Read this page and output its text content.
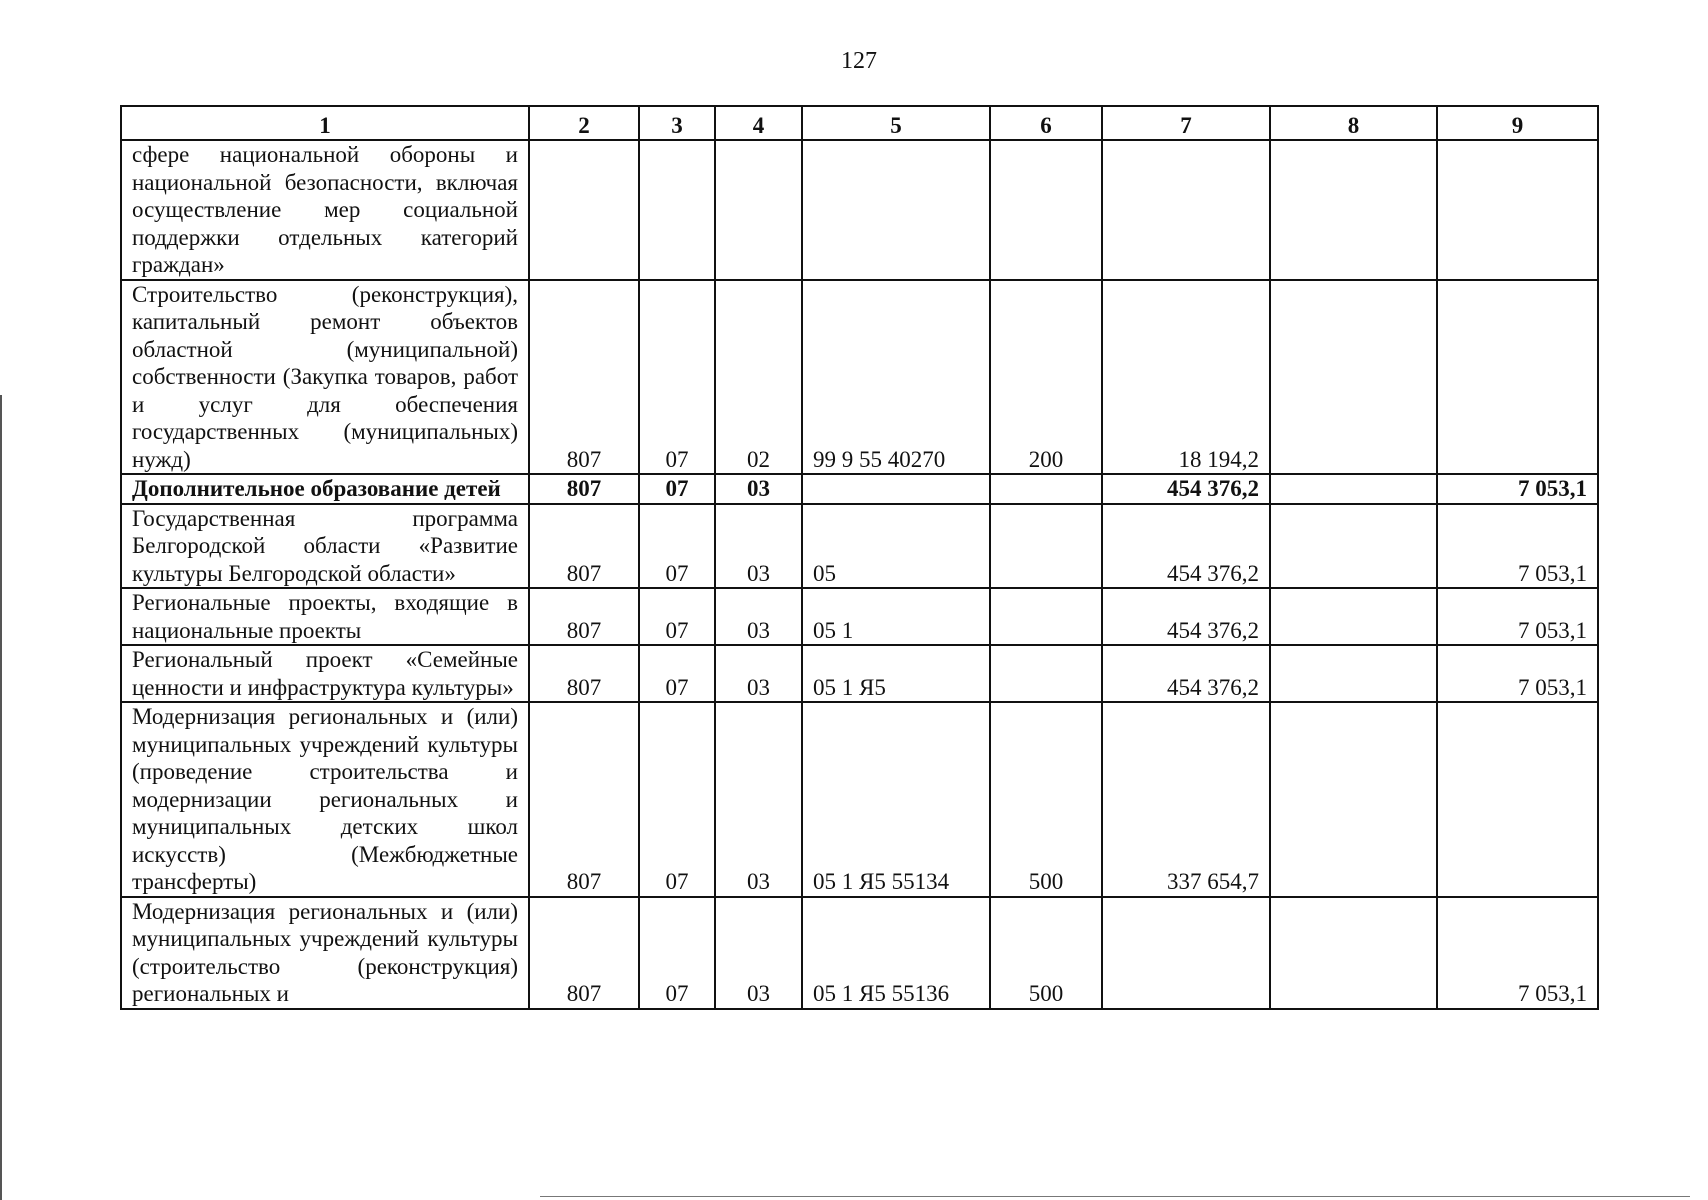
127
1	2	3	4	5	6	7	8	9
сфере национальной обороны и национальной безопасности, включая осуществление мер социальной поддержки отдельных категорий граждан»								
Строительство (реконструкция), капитальный ремонт объектов областной (муниципальной) собственности (Закупка товаров, работ и услуг для обеспечения государственных (муниципальных) нужд)	807	07	02	99 9 55 40270	200	18 194,2		
Дополнительное образование детей	807	07	03			454 376,2		7 053,1
Государственная программа Белгородской области «Развитие культуры Белгородской области»	807	07	03	05		454 376,2		7 053,1
Региональные проекты, входящие в национальные проекты	807	07	03	05 1		454 376,2		7 053,1
Региональный проект «Семейные ценности и инфраструктура культуры»	807	07	03	05 1 Я5		454 376,2		7 053,1
Модернизация региональных и (или) муниципальных учреждений культуры (проведение строительства и модернизации региональных и муниципальных детских школ искусств) (Межбюджетные трансферты)	807	07	03	05 1 Я5 55134	500	337 654,7		
Модернизация региональных и (или) муниципальных учреждений культуры (строительство (реконструкция) региональных и	807	07	03	05 1 Я5 55136	500			7 053,1
